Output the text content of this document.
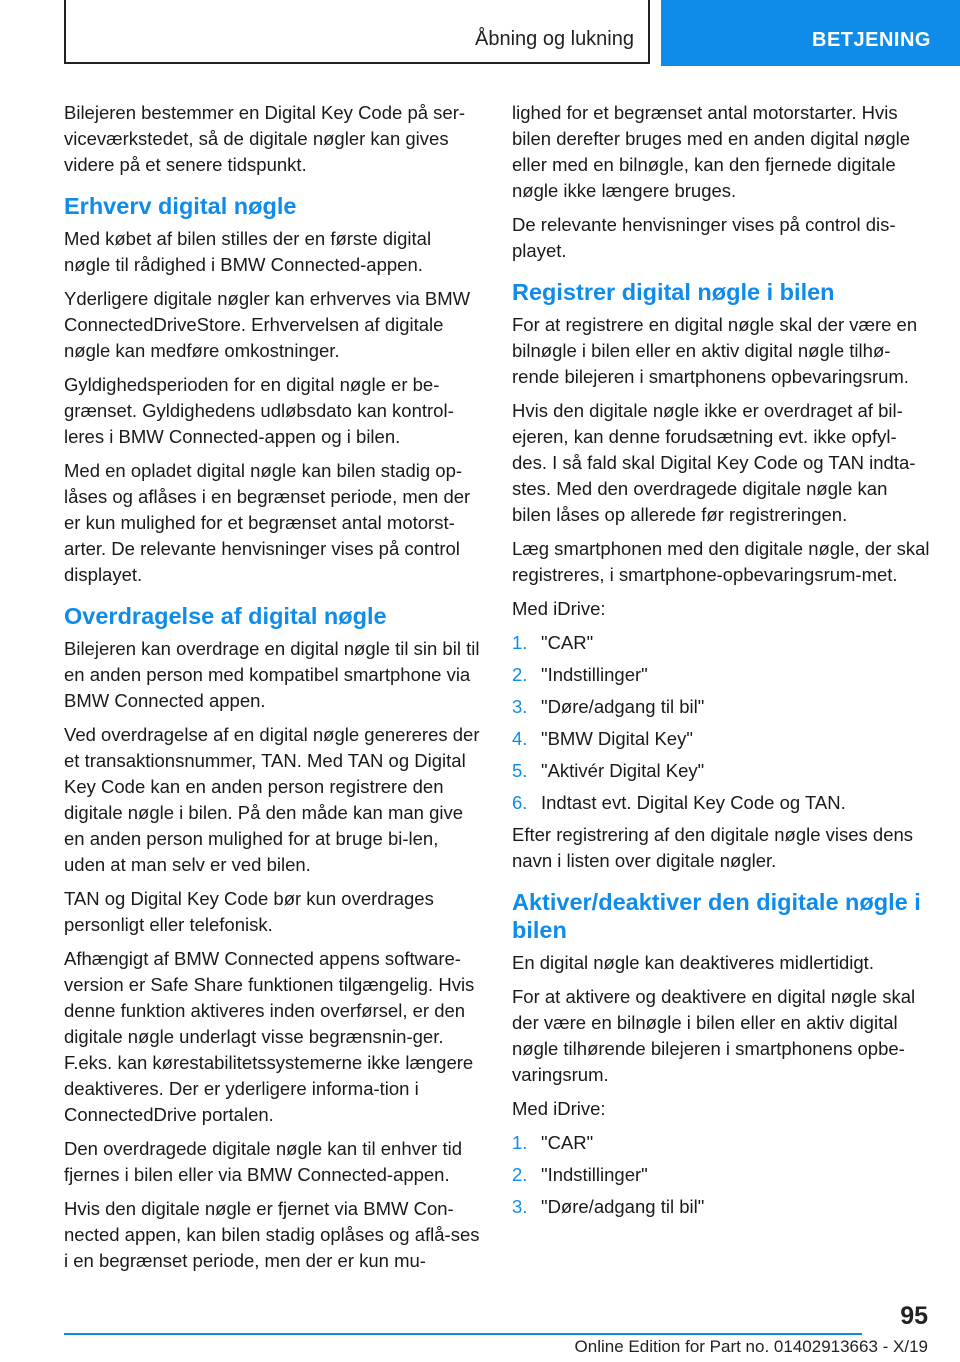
Åbning og lukning	BETJENING

Bilejeren bestemmer en Digital Key Code på ser‐viceværkstedet, så de digitale nøgler kan gives videre på et senere tidspunkt.

Erhverv digital nøgle

Med købet af bilen stilles der en første digital nøgle til rådighed i BMW Connected-appen.

Yderligere digitale nøgler kan erhverves via BMW ConnectedDriveStore. Erhvervelsen af digitale nøgle kan medføre omkostninger.

Gyldighedsperioden for en digital nøgle er be‐grænset. Gyldighedens udløbsdato kan kontrol‐leres i BMW Connected-appen og i bilen.

Med en opladet digital nøgle kan bilen stadig op‐låses og aflåses i en begrænset periode, men der er kun mulighed for et begrænset antal motorst‐arter. De relevante henvisninger vises på control displayet.

Overdragelse af digital nøgle

Bilejeren kan overdrage en digital nøgle til sin bil til en anden person med kompatibel smartphone via BMW Connected appen.

Ved overdragelse af en digital nøgle genereres der et transaktionsnummer, TAN. Med TAN og Digital Key Code kan en anden person registrere den digitale nøgle i bilen. På den måde kan man give en anden person mulighed for at bruge bi‐len, uden at man selv er ved bilen.

TAN og Digital Key Code bør kun overdrages personligt eller telefonisk.

Afhængigt af BMW Connected appens software‐version er Safe Share funktionen tilgængelig. Hvis denne funktion aktiveres inden overførsel, er den digitale nøgle underlagt visse begrænsnin‐ger. F.eks. kan kørestabilitetssystemerne ikke længere deaktiveres. Der er yderligere informa‐tion i ConnectedDrive portalen.

Den overdragede digitale nøgle kan til enhver tid fjernes i bilen eller via BMW Connected-appen.

Hvis den digitale nøgle er fjernet via BMW Con‐nected appen, kan bilen stadig oplåses og aflå‐ses i en begrænset periode, men der er kun mu‐

lighed for et begrænset antal motorstarter. Hvis bilen derefter bruges med en anden digital nøgle eller med en bilnøgle, kan den fjernede digitale nøgle ikke længere bruges.

De relevante henvisninger vises på control dis‐playet.

Registrer digital nøgle i bilen

For at registrere en digital nøgle skal der være en bilnøgle i bilen eller en aktiv digital nøgle tilhø‐rende bilejeren i smartphonens opbevaringsrum.

Hvis den digitale nøgle ikke er overdraget af bil‐ejeren, kan denne forudsætning evt. ikke opfyl‐des. I så fald skal Digital Key Code og TAN indta‐stes. Med den overdragede digitale nøgle kan bilen låses op allerede før registreringen.

Læg smartphonen med den digitale nøgle, der skal registreres, i smartphone-opbevaringsrum‐met.

Med iDrive:

1. "CAR"
2. "Indstillinger"
3. "Døre/adgang til bil"
4. "BMW Digital Key"
5. "Aktivér Digital Key"
6. Indtast evt. Digital Key Code og TAN.

Efter registrering af den digitale nøgle vises dens navn i listen over digitale nøgler.

Aktiver/deaktiver den digitale nøgle i bilen

En digital nøgle kan deaktiveres midlertidigt.

For at aktivere og deaktivere en digital nøgle skal der være en bilnøgle i bilen eller en aktiv digital nøgle tilhørende bilejeren i smartphonens opbe‐varingsrum.

Med iDrive:

1. "CAR"
2. "Indstillinger"
3. "Døre/adgang til bil"
95
Online Edition for Part no. 01402913663 - X/19
